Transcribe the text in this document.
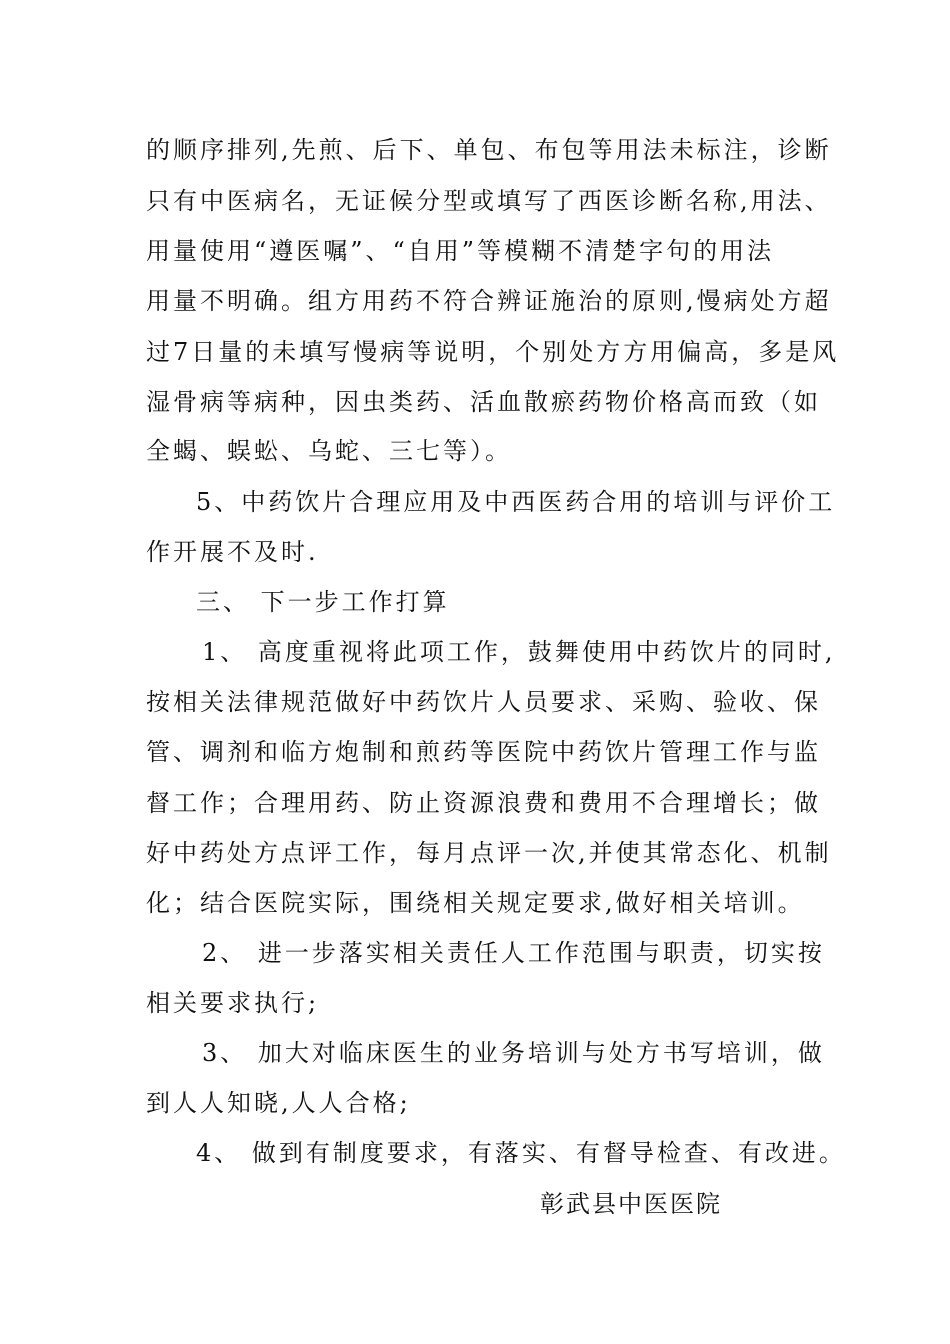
的顺序排列,先煎、后下、单包、布包等用法未标注，诊断
只有中医病名，无证候分型或填写了西医诊断名称,用法、
用量使用“遵医嘱”、“自用”等模糊不清楚字句的用法
用量不明确。组方用药不符合辨证施治的原则,慢病处方超
过7日量的未填写慢病等说明，个别处方方用偏高，多是风
湿骨病等病种，因虫类药、活血散瘀药物价格高而致（如
全蝎、蜈蚣、乌蛇、三七等）。
5、中药饮片合理应用及中西医药合用的培训与评价工
作开展不及时.
三、 下一步工作打算
1、 高度重视将此项工作，鼓舞使用中药饮片的同时,
按相关法律规范做好中药饮片人员要求、采购、验收、保
管、调剂和临方炮制和煎药等医院中药饮片管理工作与监
督工作；合理用药、防止资源浪费和费用不合理增长；做
好中药处方点评工作，每月点评一次,并使其常态化、机制
化；结合医院实际，围绕相关规定要求,做好相关培训。
2、 进一步落实相关责任人工作范围与职责，切实按
相关要求执行;
3、 加大对临床医生的业务培训与处方书写培训，做
到人人知晓,人人合格;
4、 做到有制度要求，有落实、有督导检查、有改进。
彰武县中医医院
